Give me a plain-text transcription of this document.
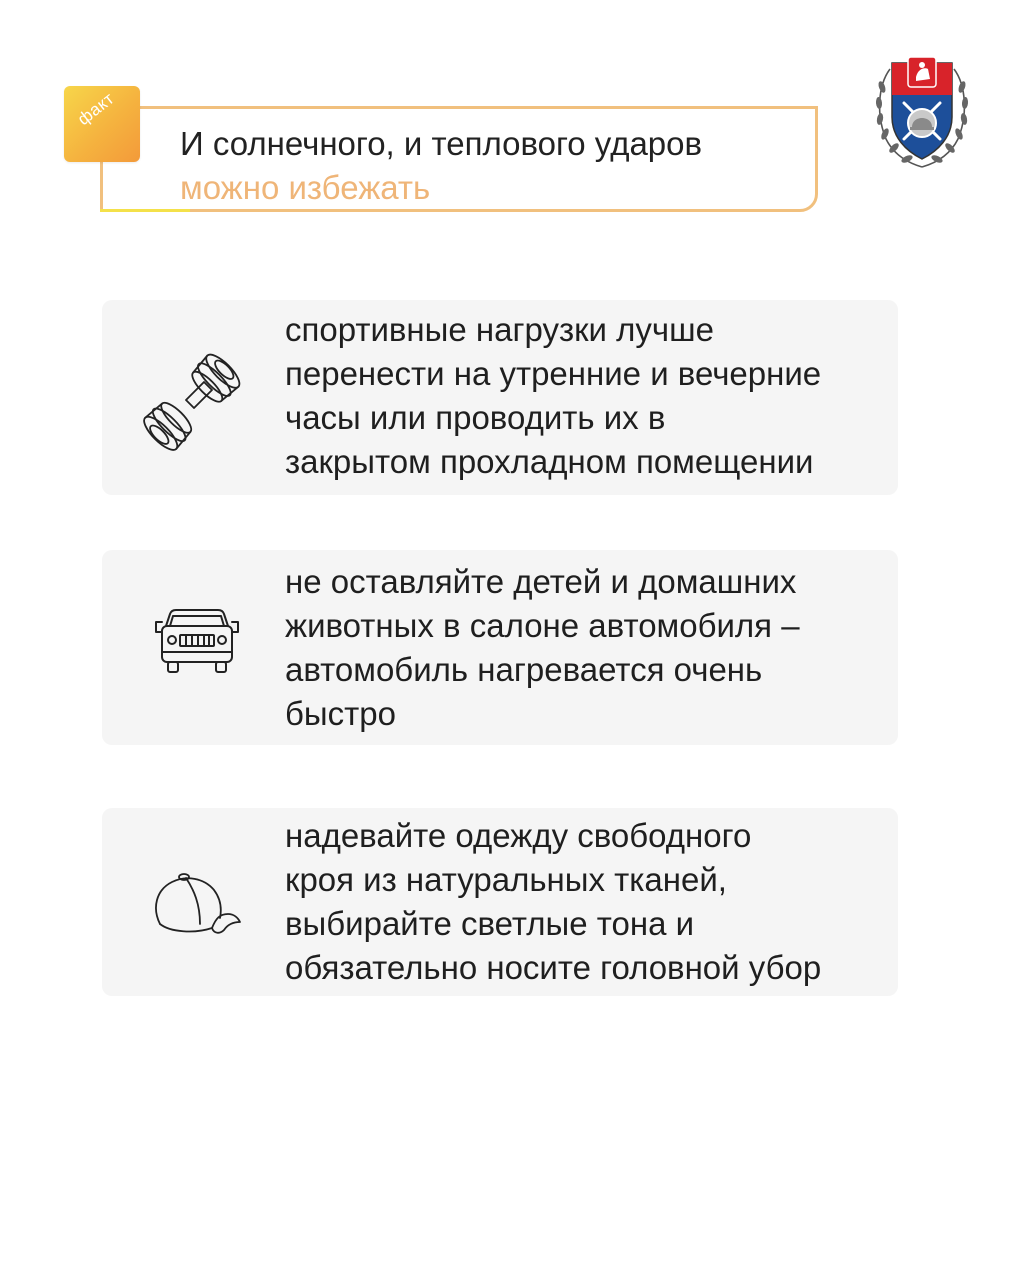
факт
И солнечного, и теплового ударов
можно избежать
спортивные нагрузки лучше
перенести на утренние и вечерние
часы или проводить их в
закрытом прохладном помещении
не оставляйте детей и домашних
животных в салоне автомобиля –
автомобиль нагревается очень
быстро
надевайте одежду свободного
кроя из натуральных тканей,
выбирайте светлые тона и
обязательно носите головной убор
